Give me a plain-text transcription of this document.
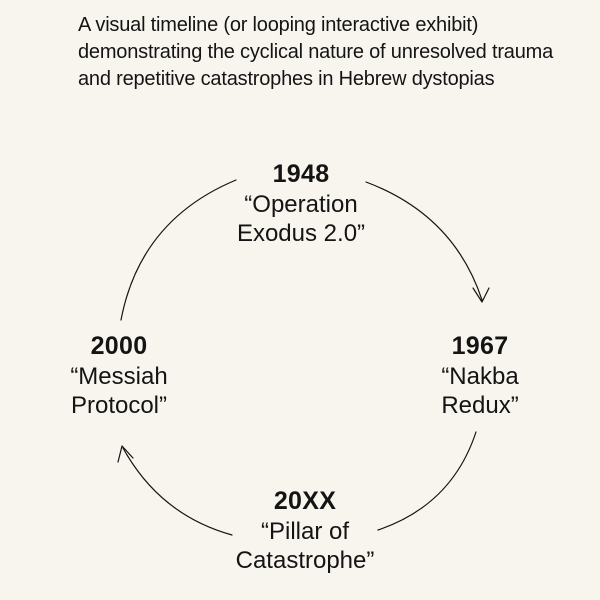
A visual timeline (or looping interactive exhibit) demonstrating the cyclical nature of unresolved trauma and repetitive catastrophes in Hebrew dystopias

1948
“Operation
Exodus 2.0”
1967
“Nakba
Redux”
20XX
“Pillar of
Catastrophe”
2000
“Messiah
Protocol”
